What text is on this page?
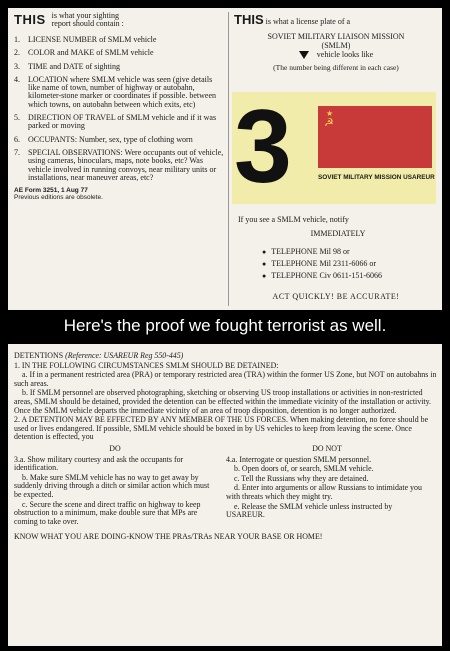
THIS is what your sighting
report should contain :
1.	LICENSE NUMBER of SMLM vehicle
2.	COLOR and MAKE of SMLM vehicle
3.	TIME and DATE of sighting
4.	LOCATION where SMLM vehicle was seen (give details like name of town, number of highway or autobahn, kilometer-stone marker or coordinates if possible. between which towns, on autobahn between which exits, etc)
5.	DIRECTION OF TRAVEL of SMLM vehicle and if it was parked or moving
6.	OCCUPANTS: Number, sex, type of clothing worn
7.	SPECIAL OBSERVATIONS: Were occupants out of vehicle, using cameras, binoculars, maps, note books, etc? Was vehicle involved in running convoys, near military units or installations, near maneuver areas, etc?
AE Form 3251, 1 Aug 77
Previous editions are obsolete.
THIS is what a license plate of a
SOVIET MILITARY LIAISON MISSION
(SMLM)
vehicle looks like
(The number being different in each case)
3	★
☭
SOVIET MILITARY MISSION USAREUR
If you see a SMLM vehicle, notify
IMMEDIATELY
● TELEPHONE Mil 98 or
● TELEPHONE Mil 2311-6066 or
● TELEPHONE Civ 0611-151-6066
ACT QUICKLY! BE ACCURATE!
Here's the proof we fought terrorist as well.
DETENTIONS (Reference: USAREUR Reg 550-445)
1. IN THE FOLLOWING CIRCUMSTANCES SMLM SHOULD BE DETAINED:
a. If in a permanent restricted area (PRA) or temporary restricted area (TRA) within the former US Zone, but NOT on autobahns in such areas.
b. If SMLM personnel are observed photographing, sketching or observing US troop installations or activities in non-restricted areas, SMLM should be detained, provided the detention can be effected within the immediate vicinity of the installation or activity. Once the SMLM vehicle departs the immediate vicinity of an area of troop disposition, detention is no longer authorized.
2. A DETENTION MAY BE EFFECTED BY ANY MEMBER OF THE US FORCES. When making detention, no force should be used or lives endangered. If possible, SMLM vehicle should be boxed in by US vehicles to keep from leaving the scene. Once detention is effected, you
DO
3.a. Show military courtesy and ask the occupants for identification.
b. Make sure SMLM vehicle has no way to get away by suddenly driving through a ditch or similar action which must be expected.
c. Secure the scene and direct traffic on highway to keep obstruction to a minimum, make double sure that MPs are coming to take over.
DO NOT
4.a. Interrogate or question SMLM personnel.
b. Open doors of, or search, SMLM vehicle.
c. Tell the Russians why they are detained.
d. Enter into arguments or allow Russians to intimidate you with threats which they might try.
e. Release the SMLM vehicle unless instructed by USAREUR.
KNOW WHAT YOU ARE DOING-KNOW THE PRAs/TRAs NEAR YOUR BASE OR HOME!
